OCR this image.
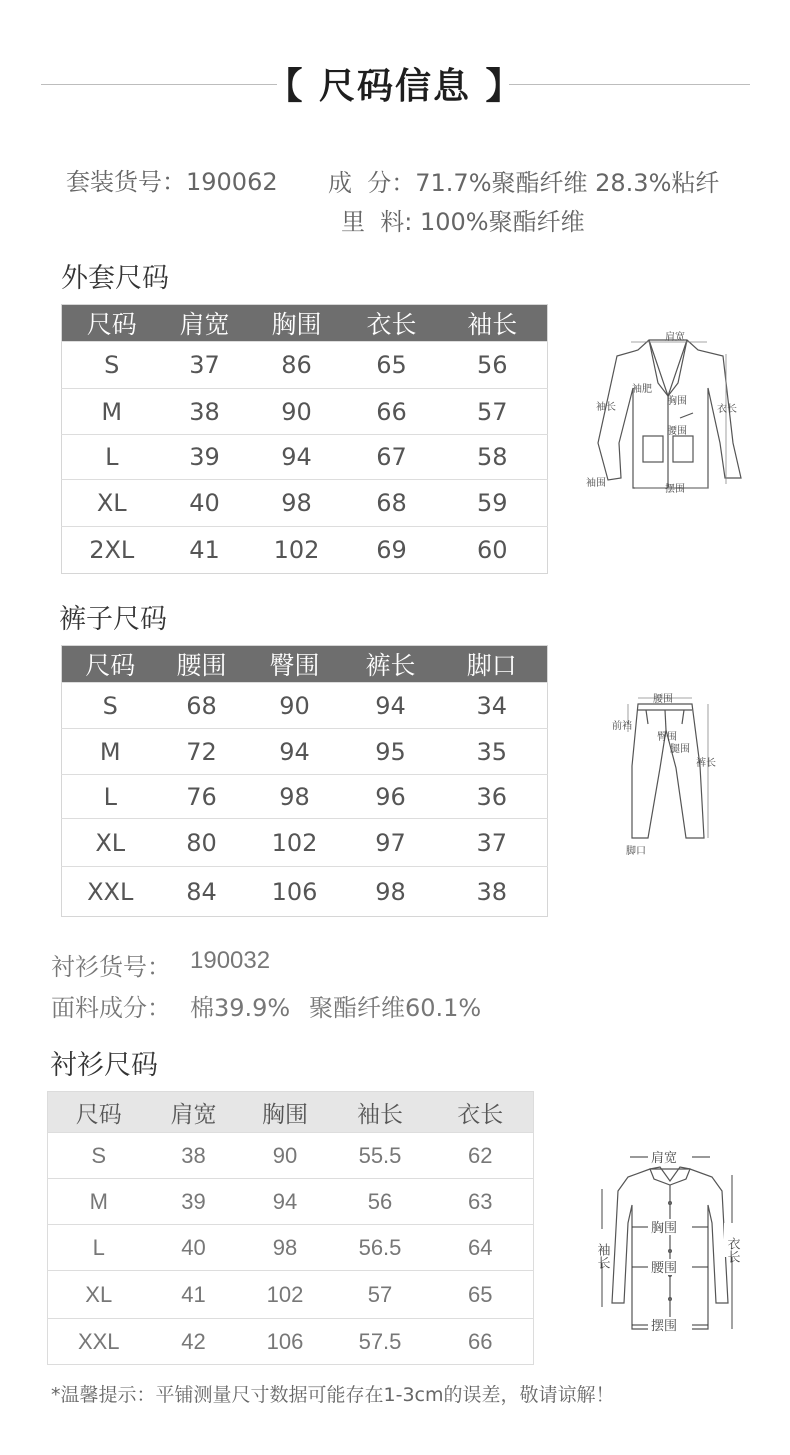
【 尺码信息 】
套装货号：190062 成  分：71.7%聚酯纤维 28.3%粘纤
里  料: 100%聚酯纤维
外套尺码
尺码	肩宽	胸围	衣长	袖长
S	37	86	65	56
M	38	90	66	57
L	39	94	67	58
XL	40	98	68	59
2XL	41	102	69	60
肩宽
袖肥
袖长
胸围
腰围
衣长
袖围
摆围
裤子尺码
尺码	腰围	臀围	裤长	脚口
S	68	90	94	34
M	72	94	95	35
L	76	98	96	36
XL	80	102	97	37
XXL	84	106	98	38
腰围
前裆
臀围
腿围
裤长
脚口
衬衫货号： 190032
面料成分： 棉39.9% 聚酯纤维60.1%
衬衫尺码
尺码	肩宽	胸围	袖长	衣长
S	38	90	55.5	62
M	39	94	56	63
L	40	98	56.5	64
XL	41	102	57	65
XXL	42	106	57.5	66
肩宽
胸围
腰围
摆围
袖长	衣长
*温馨提示：平铺测量尺寸数据可能存在1-3cm的误差，敬请谅解！
